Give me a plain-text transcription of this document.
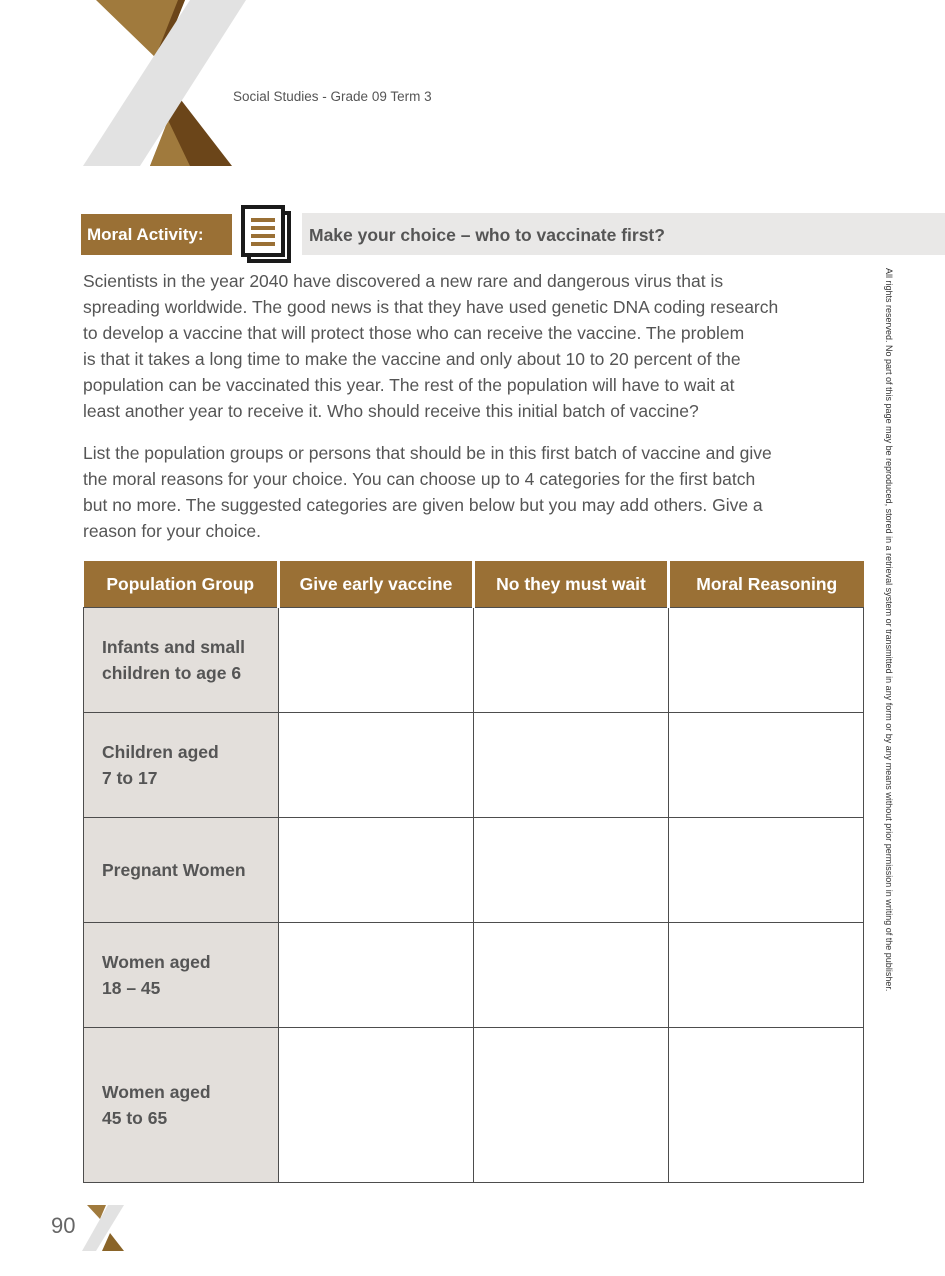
Social Studies - Grade 09 Term 3
Moral Activity:	Make your choice – who to vaccinate first?
Scientists in the year 2040 have discovered a new rare and dangerous virus that is
spreading worldwide. The good news is that they have used genetic DNA coding research
to develop a vaccine that will protect those who can receive the vaccine. The problem
is that it takes a long time to make the vaccine and only about 10 to 20 percent of the
population can be vaccinated this year. The rest of the population will have to wait at
least another year to receive it. Who should receive this initial batch of vaccine?
List the population groups or persons that should be in this first batch of vaccine and give
the moral reasons for your choice. You can choose up to 4 categories for the first batch
but no more. The suggested categories are given below but you may add others. Give a
reason for your choice.	All rights reserved. No part of this page may be reproduced, stored in a retrieval system or transmitted in any form or by any means without prior permission in writing of the publisher.
Population Group	Give early vaccine	No they must wait	Moral Reasoning

Infants and small
children to age 6			

Children aged
7 to 17			

Pregnant Women			

Women aged
18 – 45			

Women aged
45 to 65			

90
